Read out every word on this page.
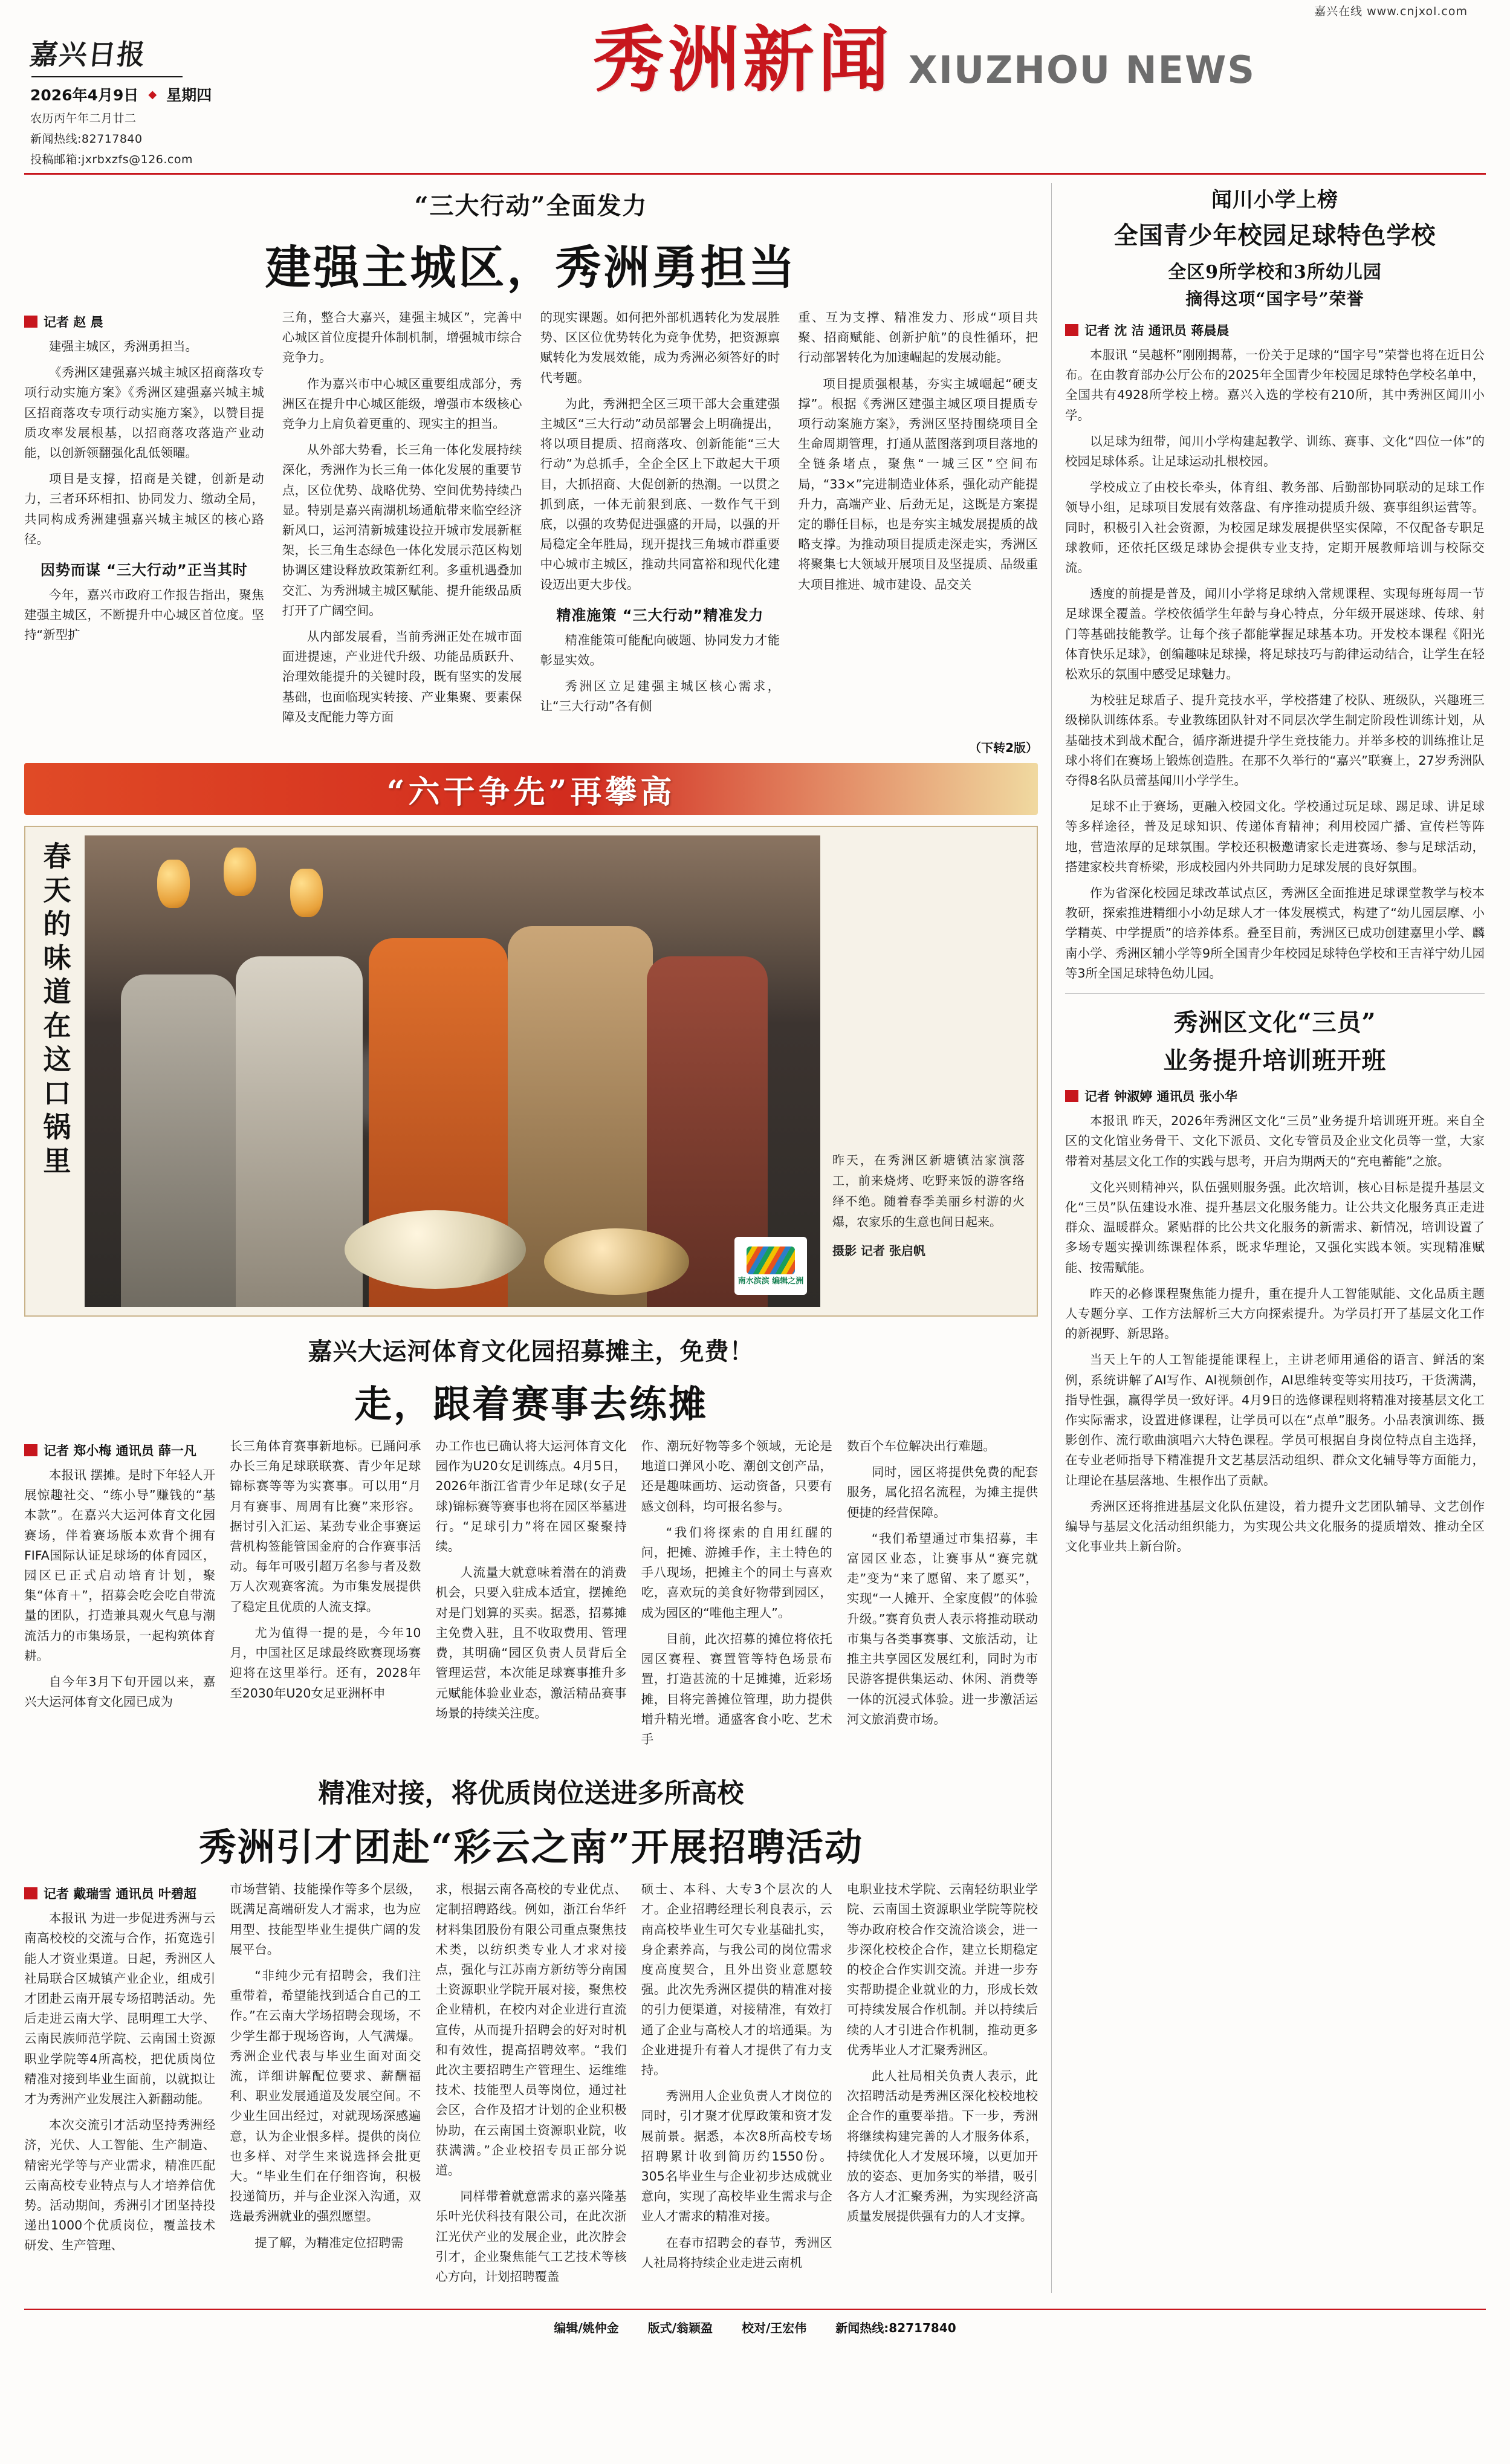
嘉兴在线 www.cnjxol.com
嘉兴日报
2026年4月9日 ◆ 星期四
农历丙午年二月廿二
新闻热线:82717840
投稿邮箱:jxrbxzfs@126.com
秀洲新闻 XIUZHOU NEWS
“三大行动”全面发力
建强主城区，秀洲勇担当
记者 赵 晨

建强主城区，秀洲勇担当。

《秀洲区建强嘉兴城主城区招商落攻专项行动实施方案》《秀洲区建强嘉兴城主城区招商落攻专项行动实施方案》，以赞目提质攻率发展根基，以招商落攻落造产业动能，以创新领翻强化乱低领曜。

项目是支撐，招商是关键，创新是动力，三者环环相扣、协同发力、缴动全局，共同构成秀洲建强嘉兴城主城区的核心路径。

因势而谋 “三大行动”正当其时

今年，嘉兴市政府工作报告指出，聚焦建强主城区，不断提升中心城区首位度。坚持“新型扩

三角，整合大嘉兴，建强主城区”，完善中心城区首位度提升体制机制，增强城市综合竞争力。

作为嘉兴市中心城区重要组成部分，秀洲区在提升中心城区能级，增强市本级核心竞争力上肩负着更重的、现实主的担当。

从外部大势看，长三角一体化发展持续深化，秀洲作为长三角一体化发展的重要节点，区位优势、战略优势、空间优势持续凸显。特别是嘉兴南湖机场通航带来临空经济新风口，运河清新城建设拉开城市发展新框架，长三角生态绿色一体化发展示范区构划协调区建设释放政策新红利。多重机遇叠加交汇、为秀洲城主城区赋能、提升能级品质打开了广阔空间。

从内部发展看，当前秀洲正处在城市面面进提速，产业进代升级、功能品质跃升、治理效能提升的关键时段，既有坚实的发展基础，也面临现实转接、产业集聚、要素保障及支配能力等方面

的现实课题。如何把外部机遇转化为发展胜势、区区位优势转化为竞争优势，把资源禀赋转化为发展效能，成为秀洲必须答好的时代考题。

为此，秀洲把全区三项干部大会重建强主城区“三大行动”动员部署会上明确提出，将以项目提质、招商落攻、创新能能“三大行动”为总抓手，全企全区上下敢起大干项目，大抓招商、大促创新的热潮。一以贯之抓到底，一体无前狠到底、一数作气干到底，以强的攻势促进强盛的开局，以强的开局稳定全年胜局，现开提找三角城市群重要中心城市主城区，推动共同富裕和现代化建设迈出更大步伐。

精准施策 “三大行动”精准发力

精准能策可能配向破题、协同发力才能彰显实效。

秀洲区立足建强主城区核心需求，让“三大行动”各有侧

重、互为支撑、精准发力、形成“项目共聚、招商赋能、创新护航”的良性循环，把行动部署转化为加速崛起的发展动能。

项目提质强根基，夯实主城崛起“硬支撑”。根据《秀洲区建强主城区项目提质专项行动案施方案》，秀洲区坚持围绕项目全生命周期管理，打通从蓝图落到项目落地的全链条堵点，聚焦“一城三区”空间布局，“33×”完进制造业体系，强化动产能提升力，高端产业、后劲无足，这既是方案提定的聯任目标，也是夯实主城发展提质的战略支撑。为推动项目提质走深走实，秀洲区将聚集七大领域开展项目及坚提质、品级重大项目推进、城市建设、品交关

（下转2版）
“六干争先”再攀高
春天的味道在这口锅里
南水滨滨 编辑之洲
昨天，在秀洲区新塘镇沽家演落工，前来烧烤、吃野来饭的游客络绎不绝。随着春季美丽乡村游的火爆，农家乐的生意也间日起来。
摄影 记者 张启帆
嘉兴大运河体育文化园招募摊主，免费！
走，跟着赛事去练摊
记者 郑小梅 通讯员 薛一凡

本报讯 摆摊。是时下年轻人开展惊趣社交、“练小导”赚钱的“基本款”。在嘉兴大运河体育文化园赛场，伴着赛场版本欢背个拥有FIFA国际认证足球场的体育园区，园区已正式启动培育计划，聚集“体育＋”，招募会吃会吃自带流量的团队，打造兼具观火气息与潮流活力的市集场景，一起构筑体育耕。

自今年3月下旬开园以来，嘉兴大运河体育文化园已成为

长三角体育赛事新地标。已踊问承办长三角足球联联赛、青少年足球锦标赛等等为实赛事。可以用“月月有赛事、周周有比赛”来形容。据讨引入汇运、某劲专业企事赛运营机构签能管国金府的合作赛事活动。每年可吸引超万名参与者及数万人次观赛客流。为市集发展提供了稳定且优质的人流支撑。

尤为值得一提的是，今年10月，中国社区足球最终欧赛现场赛迎将在这里举行。还有，2028年至2030年U20女足亚洲杯申

办工作也已确认将大运河体育文化园作为U20女足训练点。4月5日，2026年浙江省青少年足球(女子足球)锦标赛等赛事也将在园区举墓进行。“足球引力”将在园区聚聚持续。

人流量大就意味着潜在的消费机会，只要入驻成本适宜，摆摊绝对是门划算的买卖。据悉，招募摊主免费入驻，且不收取费用、管理费，其明确“园区负责人员背后全管理运营，本次能足球赛事推升多元赋能体验业业态，激活精品赛事场景的持续关注度。

作、潮玩好物等多个领域，无论是地道口弹风小吃、潮创文创产品，还是趣味画坊、运动资备，只要有感文创科，均可报名参与。

“我们将探索的自用红醒的问，把摊、游摊手作，主土特色的手八现场，把摊主个的同土与喜欢吃，喜欢玩的美食好物带到园区，成为园区的“唯他主理人”。

目前，此次招募的摊位将依托园区赛程、赛置管等特色场景布置，打造甚流的十足摊摊，近彩场摊，目将完善摊位管理，助力提供增升精光增。通盛客食小吃、艺术手

数百个车位解决出行难题。

同时，园区将提供免费的配套服务，属化招名流程，为摊主提供便捷的经营保障。

“我们希望通过市集招募，丰富园区业态，让赛事从“赛完就走”变为“来了愿留、来了愿买”，实现“一人摊开、全家度假”的体验升级。”赛育负责人表示将推动联动市集与各类事赛事、文旅活动，让推主共享园区发展红利，同时为市民游客提供集运动、休闲、消费等一体的沉浸式体验。进一步激活运河文旅消费市场。

精准对接，将优质岗位送进多所高校
秀洲引才团赴“彩云之南”开展招聘活动
记者 戴瑞雪 通讯员 叶碧超

本报讯 为进一步促进秀洲与云南高校校的交流与合作，拓宽选引能人才资业渠道。日起，秀洲区人社局联合区城镇产业企业，组成引才团赴云南开展专场招聘活动。先后走进云南大学、昆明理工大学、云南民族师范学院、云南国土资源职业学院等4所高校，把优质岗位精准对接到毕业生面前，以就拟让才为秀洲产业发展注入新翻动能。

本次交流引才活动坚持秀洲经济，光伏、人工智能、生产制造、精密光学等与产业需求，精准匹配云南高校专业特点与人才培养信优势。活动期间，秀洲引才团坚持投递出1000个优质岗位，覆盖技术研发、生产管理、

市场营销、技能操作等多个层级，既满足高端研发人才需求，也为应用型、技能型毕业生提供广阔的发展平台。

“非纯少元有招聘会，我们注重带着，希望能找到适合自己的工作。”在云南大学场招聘会现场，不少学生都于现场咨询，人气满爆。秀洲企业代表与毕业生面对面交流，详细讲解配位要求、薪酬福利、职业发展通道及发展空间。不少业生回出经过，对就现场深感遍意，认为企业恨多样。提供的岗位也多样、对学生来说选择会批更大。“毕业生们在仔细咨询，积极投递简历，并与企业深入沟通，双选最秀洲就业的强烈愿望。

提了解，为精准定位招聘需

求，根据云南各高校的专业优点、定制招聘路线。例如，浙江台华纤材料集团股份有限公司重点聚焦技术类，以纺织类专业人才求对接点，强化与江苏南方新纺等分南国土资源职业学院开展对接，聚焦校企业精机，在校内对企业进行直流宣传，从而提升招聘会的好对时机和有效性，提高招聘效率。“我们此次主要招聘生产管理生、运维维技术、技能型人员等岗位，通过社会区，合作及招才计划的企业积极协助，在云南国土资源职业院，收获满满。”企业校招专员正部分说道。

同样带着就意需求的嘉兴隆基乐叶光伏科技有限公司，在此次浙江光伏产业的发展企业，此次脖会引才，企业聚焦能气工艺技术等核心方向，计划招聘覆盖

硕士、本科、大专3个层次的人才。企业招聘经理长利良表示，云南高校毕业生可欠专业基础扎实，身企素养高，与我公司的岗位需求度高度契合，且外出资业意愿较强。此次先秀洲区提供的精准对接的引力便渠道，对接精准，有效打通了企业与高校人才的培通渠。为企业进提升有着人才提供了有力支持。

秀洲用人企业负责人才岗位的同时，引才聚才优厚政策和资才发展前景。据悉，本次8所高校专场招聘累计收到简历约1550份。305名毕业生与企业初步达成就业意向，实现了高校毕业生需求与企业人才需求的精准对接。

在春市招聘会的春节，秀洲区人社局将持续企业走进云南机

电职业技术学院、云南轻纺职业学院、云南国土资源职业学院等院校等办政府校合作交流洽谈会，进一步深化校校企合作，建立长期稳定的校企合作实训交流。并进一步夯实帮助提企业就业的力，形成长效可持续发展合作机制。并以持续后续的人才引进合作机制，推动更多优秀毕业人才汇聚秀洲区。

此人社局相关负责人表示，此次招聘活动是秀洲区深化校校地校企合作的重要举措。下一步，秀洲将继续构建完善的人才服务体系，持续优化人才发展环境，以更加开放的姿态、更加务实的举措，吸引各方人才汇聚秀洲，为实现经济高质量发展提供强有力的人才支撑。

闻川小学上榜
全国青少年校园足球特色学校
全区9所学校和3所幼儿园
摘得这项“国字号”荣誉
记者 沈 洁 通讯员 蒋晨晨

本服讯 “吴越杯”刚刚揭幕，一份关于足球的“国字号”荣誉也将在近日公布。在由教育部办公厅公布的2025年全国青少年校园足球特色学校名单中，全国共有4928所学校上榜。嘉兴入选的学校有210所，其中秀洲区闻川小学。

以足球为纽带，闻川小学构建起教学、训练、赛事、文化“四位一体”的校园足球体系。让足球运动扎根校园。

学校成立了由校长牵头，体育组、教务部、后勤部协同联动的足球工作领导小组，足球项目发展有效落盘、有序推动提质升级、赛事组织运营等。同时，积极引入社会资源，为校园足球发展提供坚实保障，不仅配备专职足球教师，还依托区级足球协会提供专业支持，定期开展教师培训与校际交流。

透度的前提是普及，闻川小学将足球纳入常规课程、实现每班每周一节足球课全覆盖。学校依循学生年龄与身心特点，分年级开展迷球、传球、射门等基础技能教学。让每个孩子都能掌握足球基本功。开发校本课程《阳光体育快乐足球》，创编趣味足球操，将足球技巧与韵律运动结合，让学生在轻松欢乐的氛围中感受足球魅力。

为校驻足球盾子、提升竞技水平，学校搭建了校队、班级队，兴趣班三级梯队训练体系。专业教练团队针对不同层次学生制定阶段性训练计划，从基础技术到战术配合，循序渐进提升学生竞技能力。并举多校的训练推让足球小将们在赛场上锻炼创造胜。在那不久举行的“嘉兴”联赛上，27岁秀洲队夺得8名队员蕾基闻川小学学生。

足球不止于赛场，更融入校园文化。学校通过玩足球、踢足球、讲足球等多样途径，普及足球知识、传递体育精神；利用校园广播、宣传栏等阵地，营造浓厚的足球氛围。学校还积极邀请家长走进赛场、参与足球活动，搭建家校共育桥梁，形成校园内外共同助力足球发展的良好氛围。

作为省深化校园足球改革试点区，秀洲区全面推进足球课堂教学与校本教研，探索推进精细小小幼足球人才一体发展模式，构建了“幼儿园层摩、小学精英、中学提质”的培养体系。叠至目前，秀洲区已成功创建嘉里小学、麟南小学、秀洲区辅小学等9所全国青少年校园足球特色学校和王吉祥宁幼儿园等3所全国足球特色幼儿园。

秀洲区文化“三员”
业务提升培训班开班
记者 钟淑婷 通讯员 张小华

本报讯 昨天，2026年秀洲区文化“三员”业务提升培训班开班。来自全区的文化馆业务骨干、文化下派员、文化专管员及企业文化员等一堂，大家带着对基层文化工作的实践与思考，开启为期两天的“充电蓄能”之旅。

文化兴则精神兴，队伍强则服务强。此次培训，核心目标是提升基层文化“三员”队伍建设水准、提升基层文化服务能力。让公共文化服务真正走进群众、温暖群众。紧贴群的比公共文化服务的新需求、新情况，培训设置了多场专题实操训练课程体系，既求华理论，又强化实践本领。实现精准赋能、按需赋能。

昨天的必修课程聚焦能力提升，重在提升人工智能赋能、文化品质主题人专题分享、工作方法解析三大方向探索提升。为学员打开了基层文化工作的新视野、新思路。

当天上午的人工智能提能课程上，主讲老师用通俗的语言、鲜活的案例，系统讲解了AI写作、AI视频创作，AI思维转变等实用技巧，干货满满，指导性强，赢得学员一致好评。4月9日的选修课程则将精准对接基层文化工作实际需求，设置进修课程，让学员可以在“点单”服务。小品表演训练、摄影创作、流行歌曲演唱六大特色课程。学员可根据自身岗位特点自主选择，在专业老师指导下精准提升文艺基层活动组织、群众文化辅导等方面能力，让理论在基层落地、生根作出了贡献。

秀洲区还将推进基层文化队伍建设，着力提升文艺团队辅导、文艺创作编导与基层文化活动组织能力，为实现公共文化服务的提质增效、推动全区文化事业共上新台阶。

编辑/姚仲金 版式/翁颖盈 校对/王宏伟 新闻热线:82717840
